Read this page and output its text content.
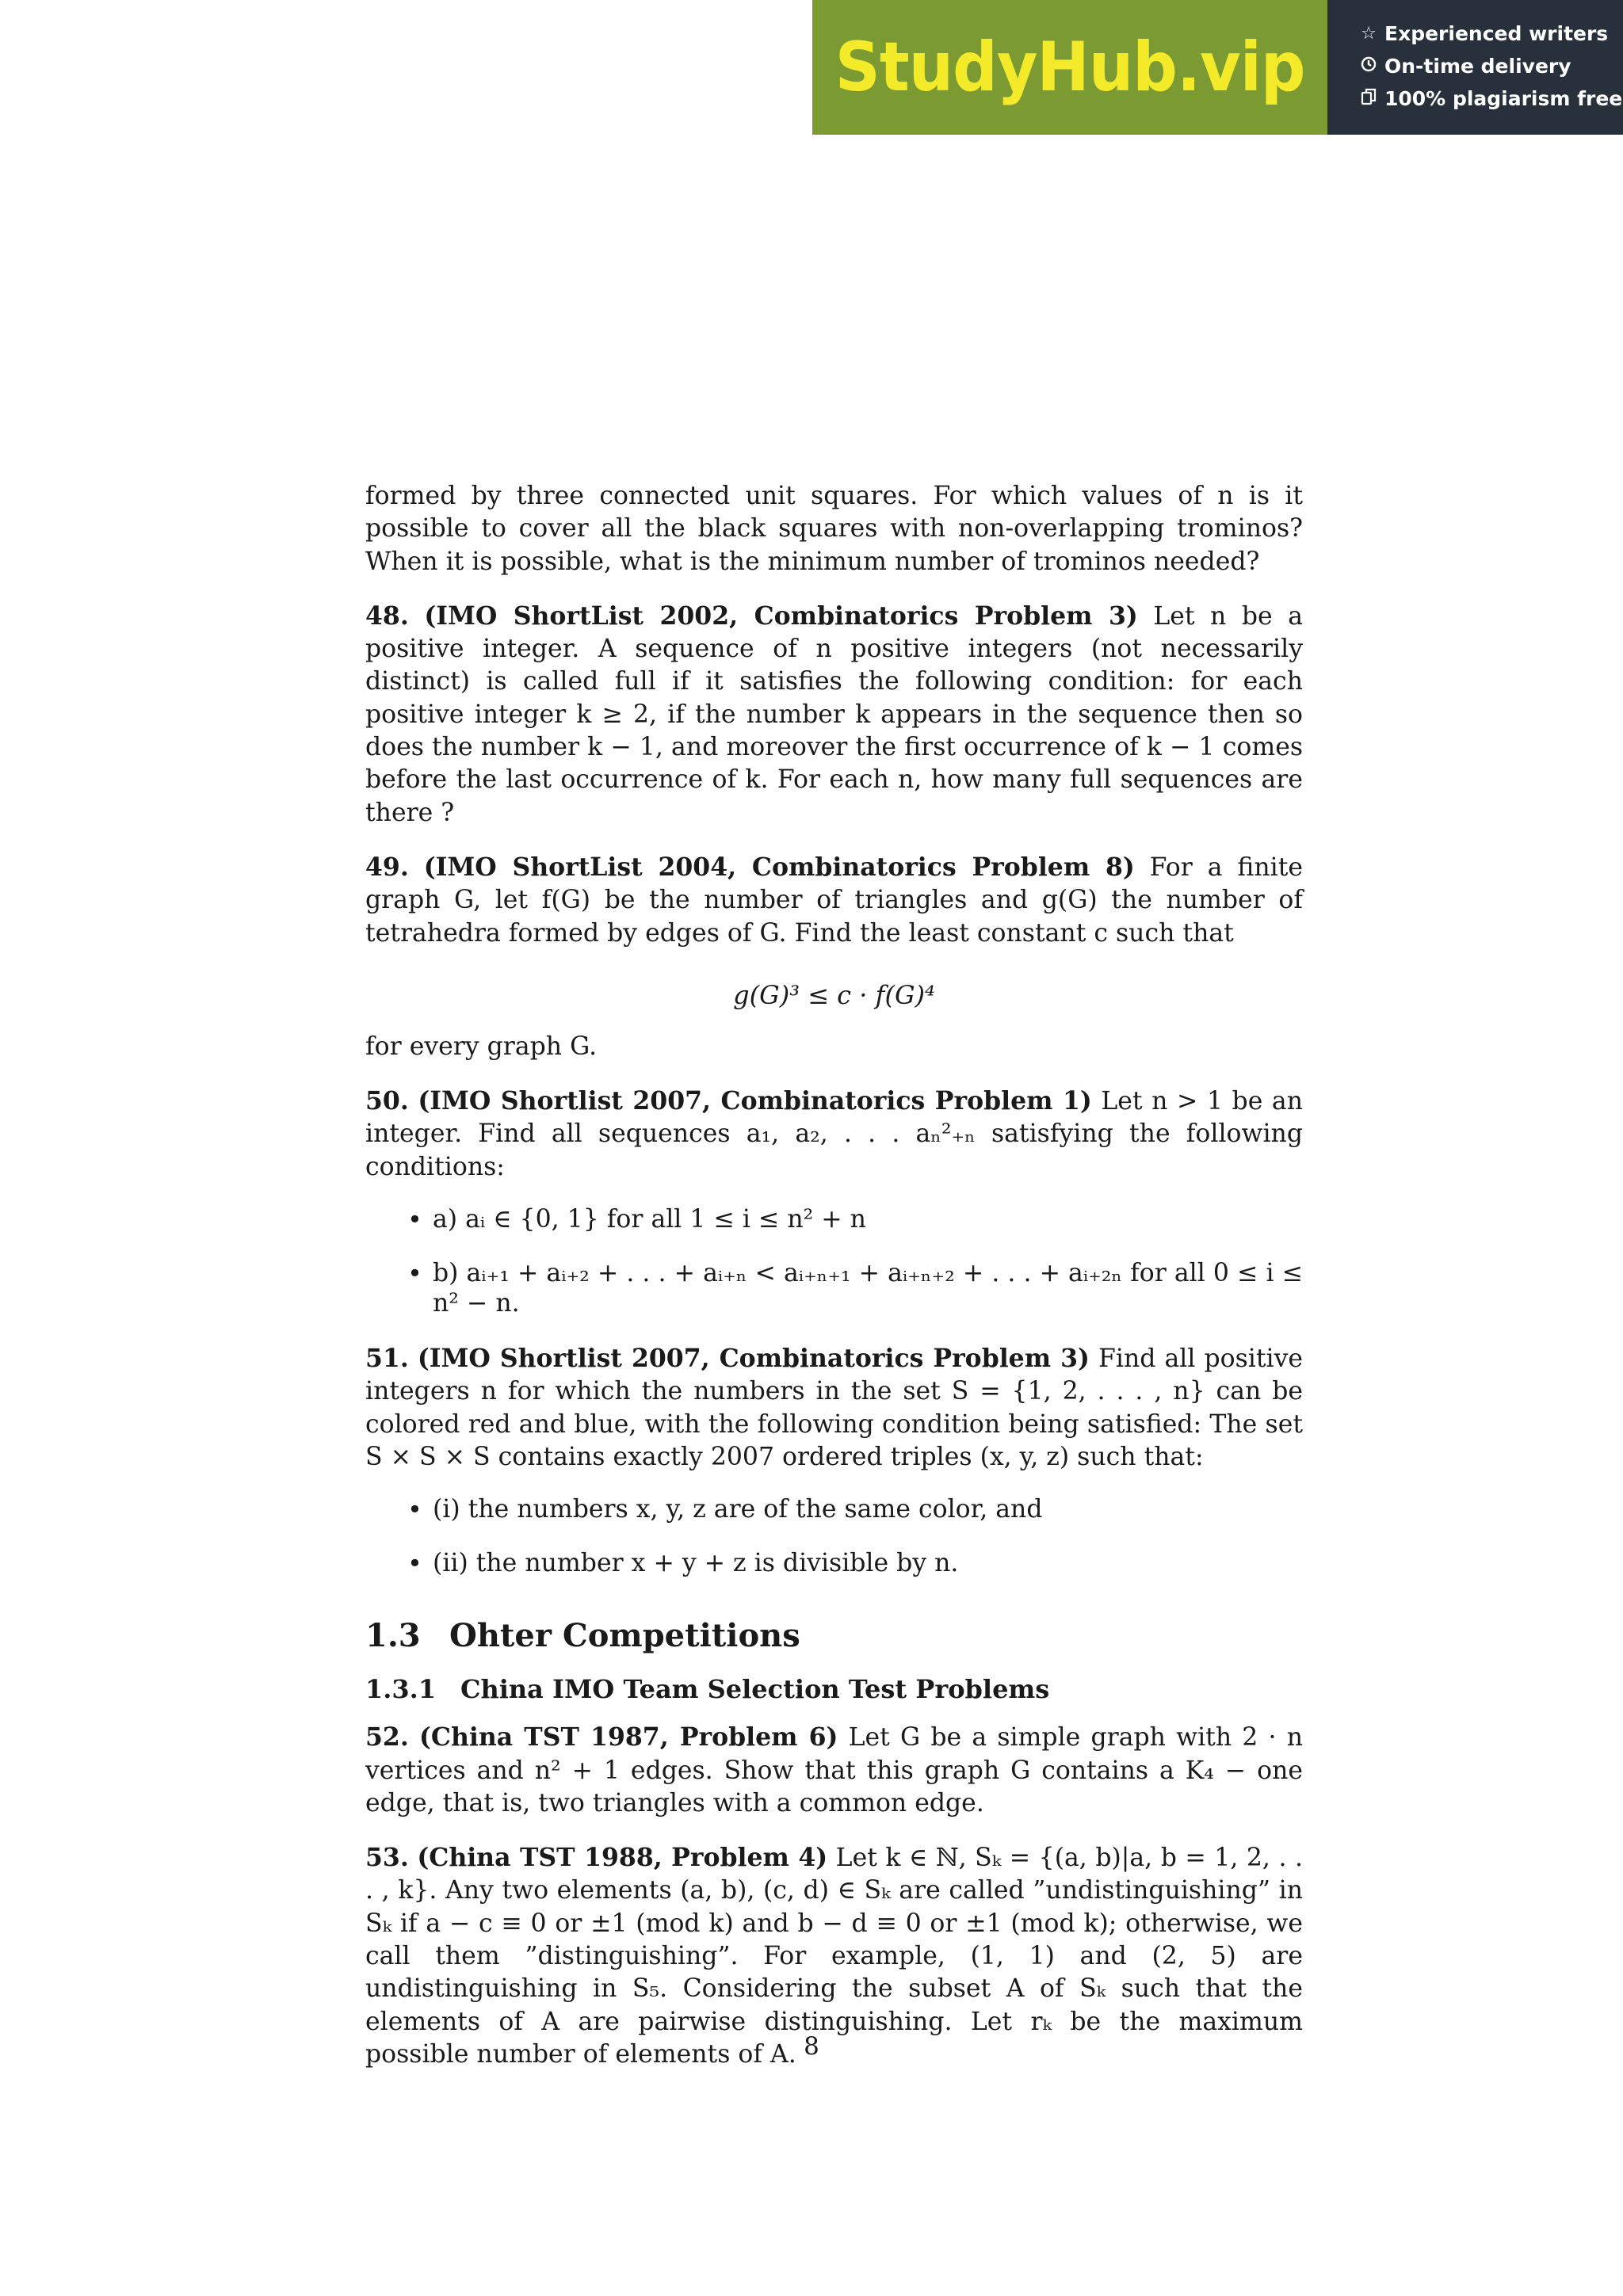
StudyHub.vip	☆ Experienced writers
On-time delivery
100% plagiarism free

formed by three connected unit squares. For which values of n is it possible to cover all the black squares with non-overlapping trominos? When it is possible, what is the minimum number of trominos needed?

48. (IMO ShortList 2002, Combinatorics Problem 3) Let n be a positive integer. A sequence of n positive integers (not necessarily distinct) is called full if it satisfies the following condition: for each positive integer k ≥ 2, if the number k appears in the sequence then so does the number k − 1, and moreover the first occurrence of k − 1 comes before the last occurrence of k. For each n, how many full sequences are there ?

49. (IMO ShortList 2004, Combinatorics Problem 8) For a finite graph G, let f(G) be the number of triangles and g(G) the number of tetrahedra formed by edges of G. Find the least constant c such that

g(G)³ ≤ c · f(G)⁴

for every graph G.

50. (IMO Shortlist 2007, Combinatorics Problem 1) Let n > 1 be an integer. Find all sequences a₁, a₂, . . . aₙ²₊ₙ satisfying the following conditions:

• a) aᵢ ∈ {0, 1} for all 1 ≤ i ≤ n² + n
• b) aᵢ₊₁ + aᵢ₊₂ + . . . + aᵢ₊ₙ < aᵢ₊ₙ₊₁ + aᵢ₊ₙ₊₂ + . . . + aᵢ₊₂ₙ for all 0 ≤ i ≤ n² − n.

51. (IMO Shortlist 2007, Combinatorics Problem 3) Find all positive integers n for which the numbers in the set S = {1, 2, . . . , n} can be colored red and blue, with the following condition being satisfied: The set S × S × S contains exactly 2007 ordered triples (x, y, z) such that:

• (i) the numbers x, y, z are of the same color, and
• (ii) the number x + y + z is divisible by n.
1.3 Ohter Competitions
1.3.1 China IMO Team Selection Test Problems

52. (China TST 1987, Problem 6) Let G be a simple graph with 2 · n vertices and n² + 1 edges. Show that this graph G contains a K₄ − one edge, that is, two triangles with a common edge.

53. (China TST 1988, Problem 4) Let k ∈ ℕ, Sₖ = {(a, b)|a, b = 1, 2, . . . , k}. Any two elements (a, b), (c, d) ∈ Sₖ are called ”undistinguishing” in Sₖ if a − c ≡ 0 or ±1 (mod k) and b − d ≡ 0 or ±1 (mod k); otherwise, we call them ”distinguishing”. For example, (1, 1) and (2, 5) are undistinguishing in S₅. Considering the subset A of Sₖ such that the elements of A are pairwise distinguishing. Let rₖ be the maximum possible number of elements of A. 8
